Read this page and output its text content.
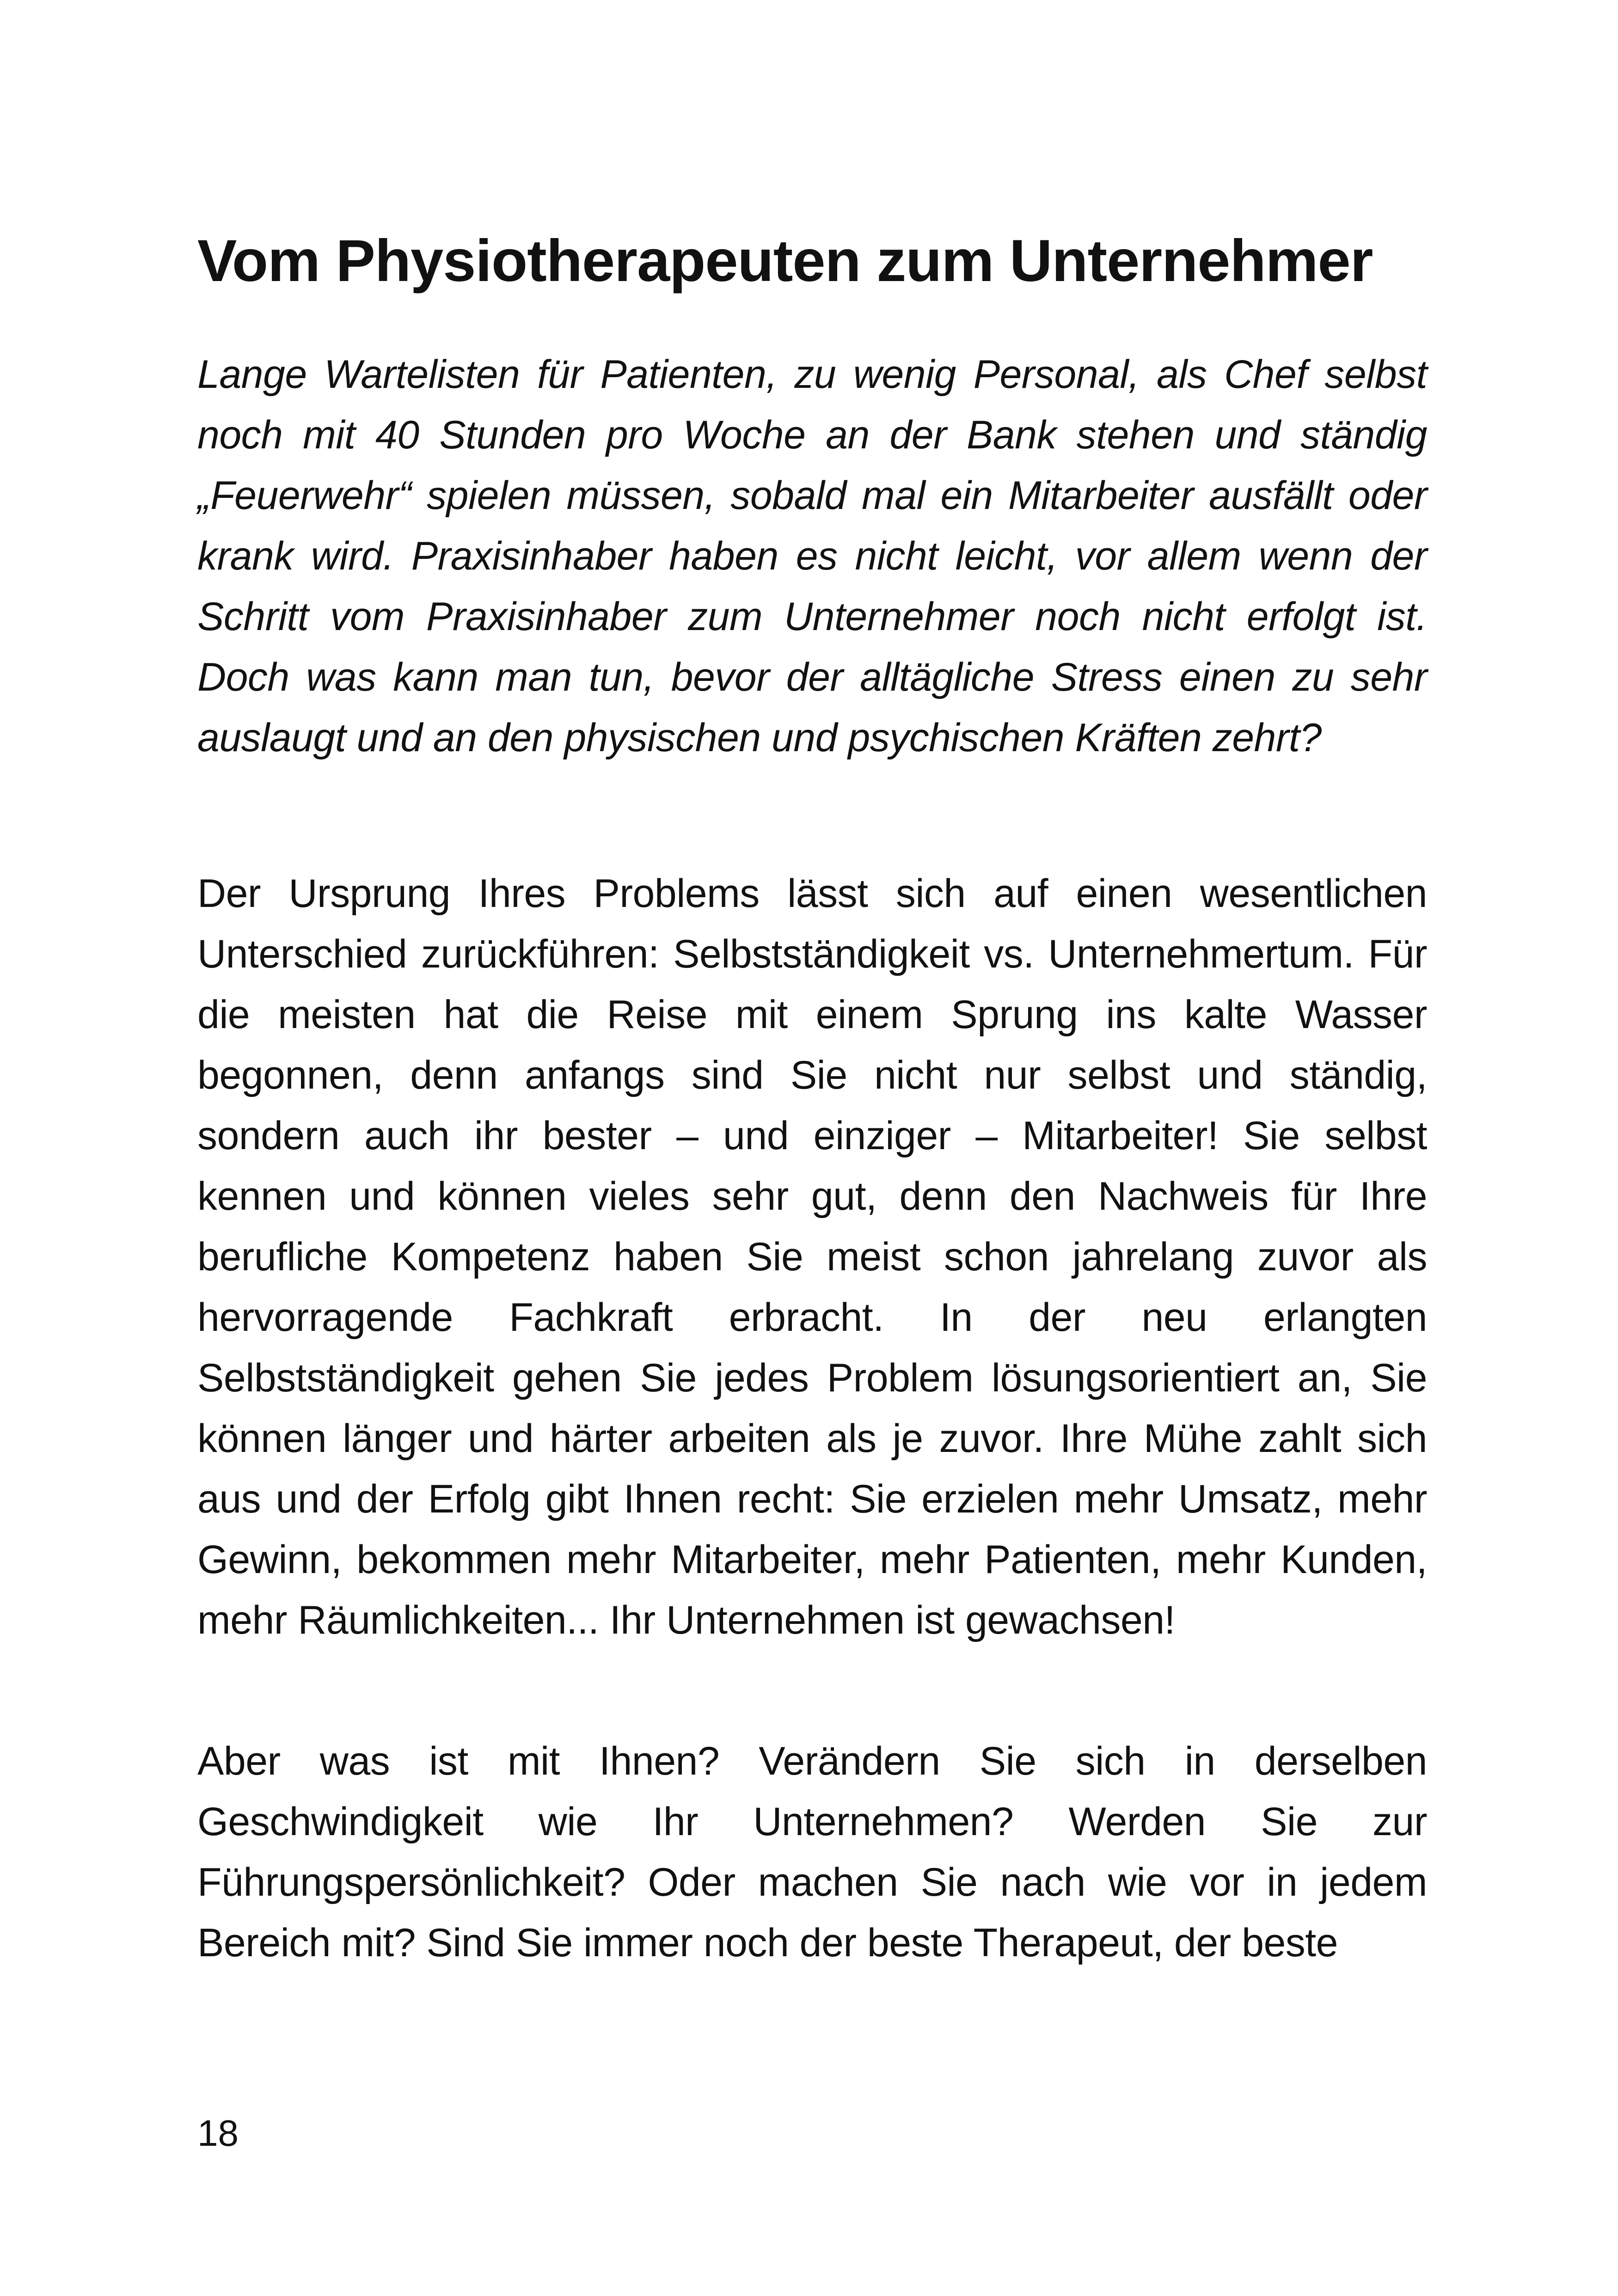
Vom Physiotherapeuten zum Unternehmer

Lange Wartelisten für Patienten, zu wenig Personal, als Chef selbst noch mit 40 Stunden pro Woche an der Bank stehen und ständig „Feuerwehr“ spielen müssen, sobald mal ein Mitarbeiter ausfällt oder krank wird. Praxisinhaber haben es nicht leicht, vor allem wenn der Schritt vom Praxisinhaber zum Unternehmer noch nicht erfolgt ist. Doch was kann man tun, bevor der alltägliche Stress einen zu sehr auslaugt und an den physischen und psychischen Kräften zehrt?

Der Ursprung Ihres Problems lässt sich auf einen wesentlichen Unterschied zurückführen: Selbstständigkeit vs. Unternehmertum. Für die meisten hat die Reise mit einem Sprung ins kalte Wasser begonnen, denn anfangs sind Sie nicht nur selbst und ständig, sondern auch ihr bester – und einziger – Mitarbeiter! Sie selbst kennen und können vieles sehr gut, denn den Nachweis für Ihre berufliche Kompetenz haben Sie meist schon jahrelang zuvor als hervorragende Fachkraft erbracht. In der neu erlangten Selbstständigkeit gehen Sie jedes Problem lösungsorientiert an, Sie können länger und härter arbeiten als je zuvor. Ihre Mühe zahlt sich aus und der Erfolg gibt Ihnen recht: Sie erzielen mehr Umsatz, mehr Gewinn, bekommen mehr Mitarbeiter, mehr Patienten, mehr Kunden, mehr Räumlichkeiten... Ihr Unternehmen ist gewachsen!

Aber was ist mit Ihnen? Verändern Sie sich in derselben Geschwindigkeit wie Ihr Unternehmen? Werden Sie zur Führungspersönlichkeit? Oder machen Sie nach wie vor in jedem Bereich mit? Sind Sie immer noch der beste Therapeut, der beste

18
